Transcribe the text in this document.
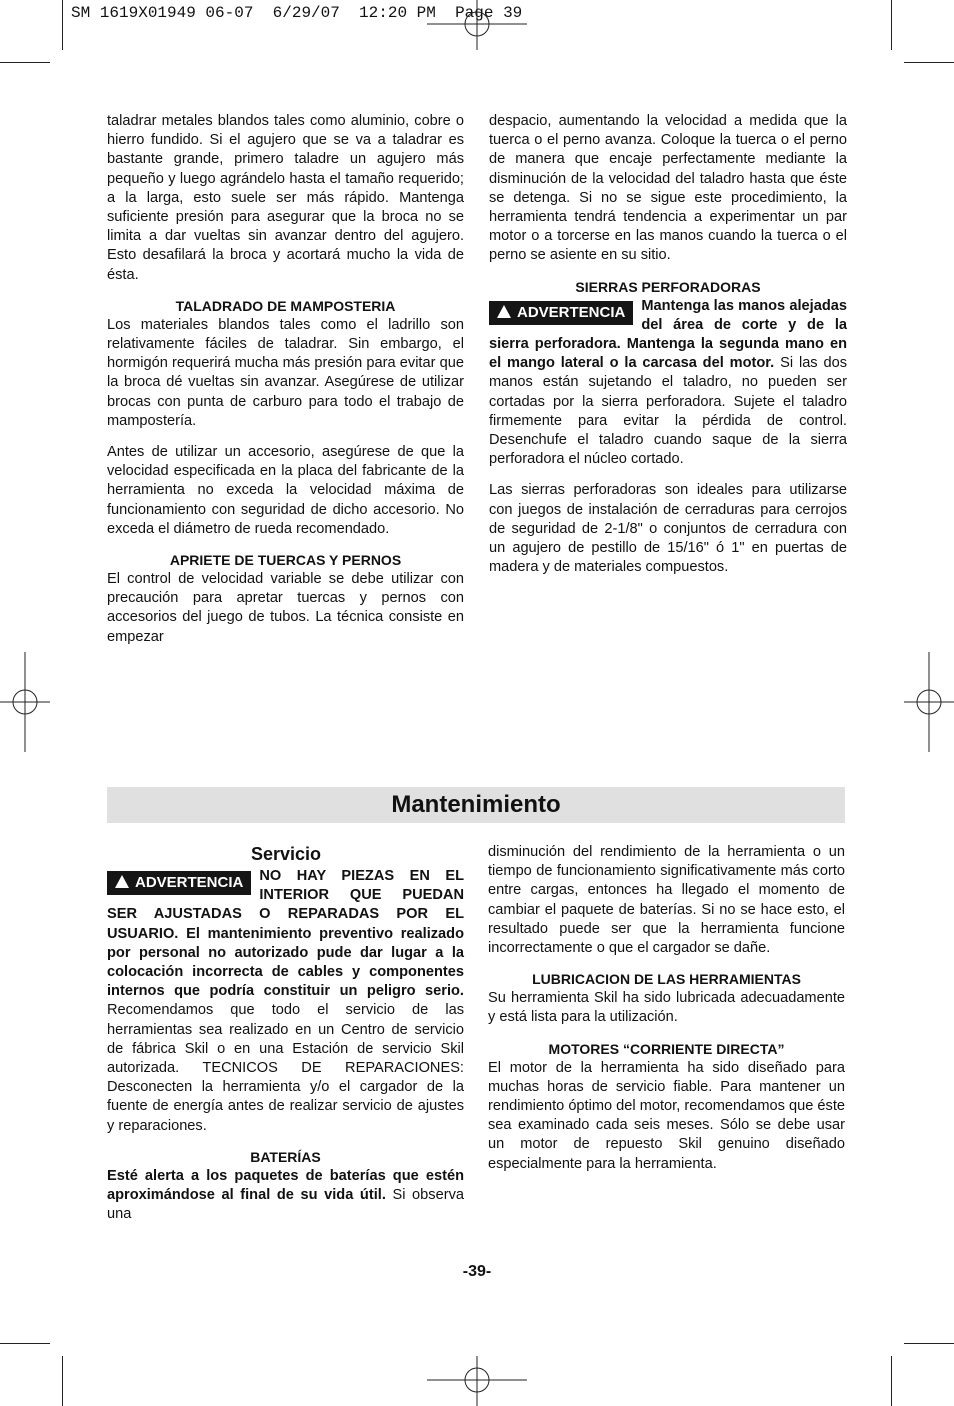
SM 1619X01949 06-07  6/29/07  12:20 PM  Page 39

taladrar metales blandos tales como aluminio, cobre o hierro fundido. Si el agujero que se va a taladrar es bastante grande, primero taladre un agujero más pequeño y luego agrándelo hasta el tamaño requerido; a la larga, esto suele ser más rápido. Mantenga suficiente presión para asegurar que la broca no se limita a dar vueltas sin avanzar dentro del agujero. Esto desafilará la broca y acortará mucho la vida de ésta.

TALADRADO DE MAMPOSTERIA

Los materiales blandos tales como el ladrillo son relativamente fáciles de taladrar. Sin embargo, el hormigón requerirá mucha más presión para evitar que la broca dé vueltas sin avanzar. Asegúrese de utilizar brocas con punta de carburo para todo el trabajo de mampostería.

Antes de utilizar un accesorio, asegúrese de que la velocidad especificada en la placa del fabricante de la herramienta no exceda la velocidad máxima de funcionamiento con seguridad de dicho accesorio. No exceda el diámetro de rueda recomendado.

APRIETE DE TUERCAS Y PERNOS

El control de velocidad variable se debe utilizar con precaución para apretar tuercas y pernos con accesorios del juego de tubos. La técnica consiste en empezar

despacio, aumentando la velocidad a medida que la tuerca o el perno avanza. Coloque la tuerca o el perno de manera que encaje perfectamente mediante la disminución de la velocidad del taladro hasta que éste se detenga. Si no se sigue este procedimiento, la herramienta tendrá tendencia a experimentar un par motor o a torcerse en las manos cuando la tuerca o el perno se asiente en su sitio.

SIERRAS PERFORADORAS

ADVERTENCIA	Mantenga las manos alejadas del área de corte y de la sierra perforadora. Mantenga la segunda mano en el mango lateral o la carcasa del motor. Si las dos manos están sujetando el taladro, no pueden ser cortadas por la sierra perforadora. Sujete el taladro firmemente para evitar la pérdida de control. Desenchufe el taladro cuando saque de la sierra perforadora el núcleo cortado.

Las sierras perforadoras son ideales para utilizarse con juegos de instalación de cerraduras para cerrojos de seguridad de 2-1/8" o conjuntos de cerradura con un agujero de pestillo de 15/16" ó 1" en puertas de madera y de materiales compuestos.

Mantenimiento
Servicio

ADVERTENCIA	NO HAY PIEZAS EN EL INTERIOR QUE PUEDAN SER AJUSTADAS O REPARADAS POR EL USUARIO. El mantenimiento preventivo realizado por personal no autorizado pude dar lugar a la colocación incorrecta de cables y componentes internos que podría constituir un peligro serio. Recomendamos que todo el servicio de las herramientas sea realizado en un Centro de servicio de fábrica Skil o en una Estación de servicio Skil autorizada. TECNICOS DE REPARACIONES: Desconecten la herramienta y/o el cargador de la fuente de energía antes de realizar servicio de ajustes y reparaciones.

BATERÍAS

Esté alerta a los paquetes de baterías que estén aproximándose al final de su vida útil. Si observa una

disminución del rendimiento de la herramienta o un tiempo de funcionamiento significativamente más corto entre cargas, entonces ha llegado el momento de cambiar el paquete de baterías. Si no se hace esto, el resultado puede ser que la herramienta funcione incorrectamente o que el cargador se dañe.

LUBRICACION DE LAS HERRAMIENTAS

Su herramienta Skil ha sido lubricada adecuadamente y está lista para la utilización.

MOTORES “CORRIENTE DIRECTA”

El motor de la herramienta ha sido diseñado para muchas horas de servicio fiable. Para mantener un rendimiento óptimo del motor, recomendamos que éste sea examinado cada seis meses. Sólo se debe usar un motor de repuesto Skil genuino diseñado especialmente para la herramienta.

-39-
